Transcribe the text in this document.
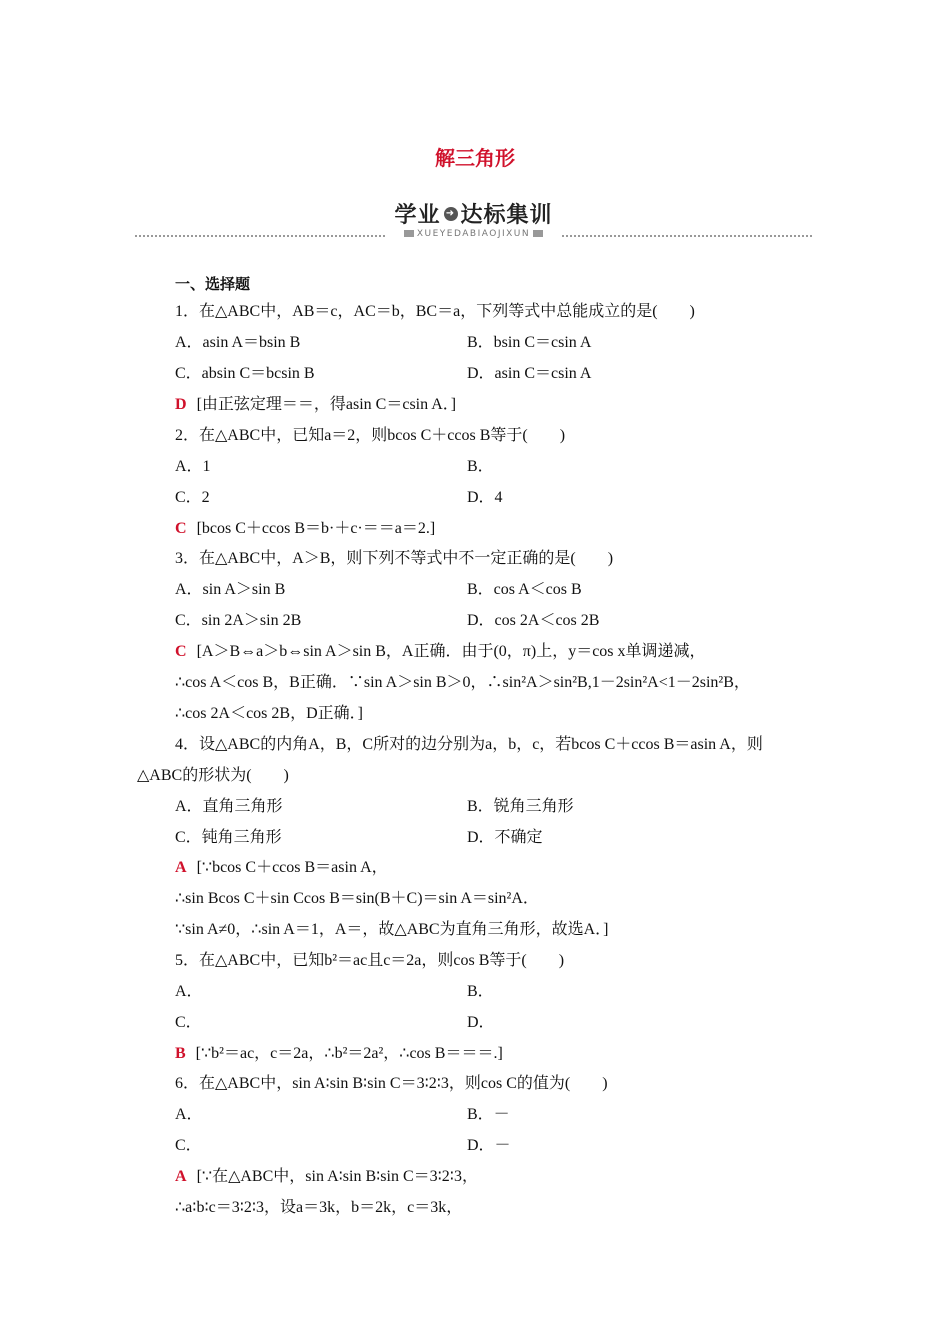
解三角形
学业 ➜ 达标集训
XUEYEDABIAOJIXUN
一、选择题
1．在△ABC中，AB＝c，AC＝b，BC＝a，下列等式中总能成立的是(　　)
A．asin A＝bsin B	B．bsin C＝csin A
C．absin C＝bcsin B	D．asin C＝csin A
D [由正弦定理＝＝，得asin C＝csin A．]
2．在△ABC中，已知a＝2，则bcos C＋ccos B等于(　　)
A．1	B．
C．2	D．4
C [bcos C＋ccos B＝b·＋c·＝＝a＝2.]
3．在△ABC中，A＞B，则下列不等式中不一定正确的是(　　)
A．sin A＞sin B	B．cos A＜cos B
C．sin 2A＞sin 2B	D．cos 2A＜cos 2B
C [A＞B⇔a＞b⇔sin A＞sin B，A正确．由于(0，π)上，y＝cos x单调递减，
∴cos A＜cos B，B正确．∵sin A＞sin B＞0，∴sin²A＞sin²B,1－2sin²A<1－2sin²B，
∴cos 2A＜cos 2B，D正确．]
4．设△ABC的内角A，B，C所对的边分别为a，b，c，若bcos C＋ccos B＝asin A，则
△ABC的形状为(　　)
A．直角三角形	B．锐角三角形
C．钝角三角形	D．不确定
A [∵bcos C＋ccos B＝asin A，
∴sin Bcos C＋sin Ccos B＝sin(B＋C)＝sin A＝sin²A．
∵sin A≠0，∴sin A＝1，A＝，故△ABC为直角三角形，故选A．]
5．在△ABC中，已知b²＝ac且c＝2a，则cos B等于(　　)
A．	B．
C．	D．
B [∵b²＝ac，c＝2a，∴b²＝2a²，∴cos B＝＝＝.]
6．在△ABC中，sin A∶sin B∶sin C＝3∶2∶3，则cos C的值为(　　)
A．	B．－
C．	D．－
A [∵在△ABC中，sin A∶sin B∶sin C＝3∶2∶3，
∴a∶b∶c＝3∶2∶3，设a＝3k，b＝2k，c＝3k，
